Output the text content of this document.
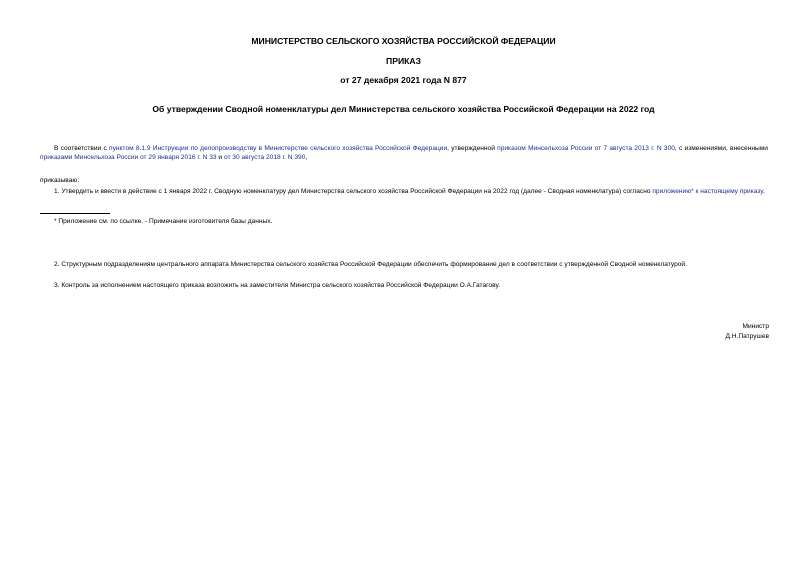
МИНИСТЕРСТВО СЕЛЬСКОГО ХОЗЯЙСТВА РОССИЙСКОЙ ФЕДЕРАЦИИ
ПРИКАЗ
от 27 декабря 2021 года N 877
Об утверждении Сводной номенклатуры дел Министерства сельского хозяйства Российской Федерации на 2022 год
В соответствии с пунктом 8.1.9 Инструкции по делопроизводству в Министерстве сельского хозяйства Российской Федерации, утвержденной приказом Минсельхоза России от 7 августа 2013 г. N 300, с изменениями, внесенными приказами Минсельхоза России от 29 января 2016 г. N 33 и от 30 августа 2018 г. N 390,
приказываю:
1. Утвердить и ввести в действие с 1 января 2022 г. Сводную номенклатуру дел Министерства сельского хозяйства Российской Федерации на 2022 год (далее - Сводная номенклатура) согласно приложению* к настоящему приказу.
* Приложение см. по ссылке. - Примечание изготовителя базы данных.
2. Структурным подразделениям центрального аппарата Министерства сельского хозяйства Российской Федерации обеспечить формирование дел в соответствии с утвержденной Сводной номенклатурой.
3. Контроль за исполнением настоящего приказа возложить на заместителя Министра сельского хозяйства Российской Федерации О.А.Гатагову.
Министр
Д.Н.Патрушев
